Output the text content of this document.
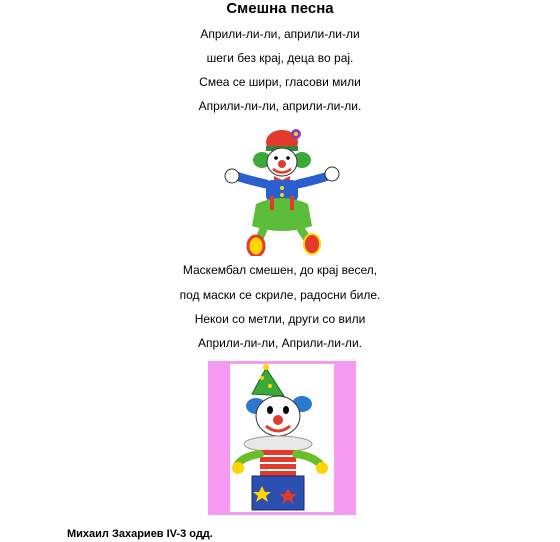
Смешна песна
Априли-ли-ли, априли-ли-ли
шеги без крај, деца во рај.
Смеа се шири, гласови мили
Априли-ли-ли, априли-ли-ли.
Маскембал смешен, до крај весел,
под маски се скриле, радосни биле.
Некои со метли, други со вили
Априли-ли-ли, Априли-ли-ли.
Михаил Захариев IV-3 одд.
